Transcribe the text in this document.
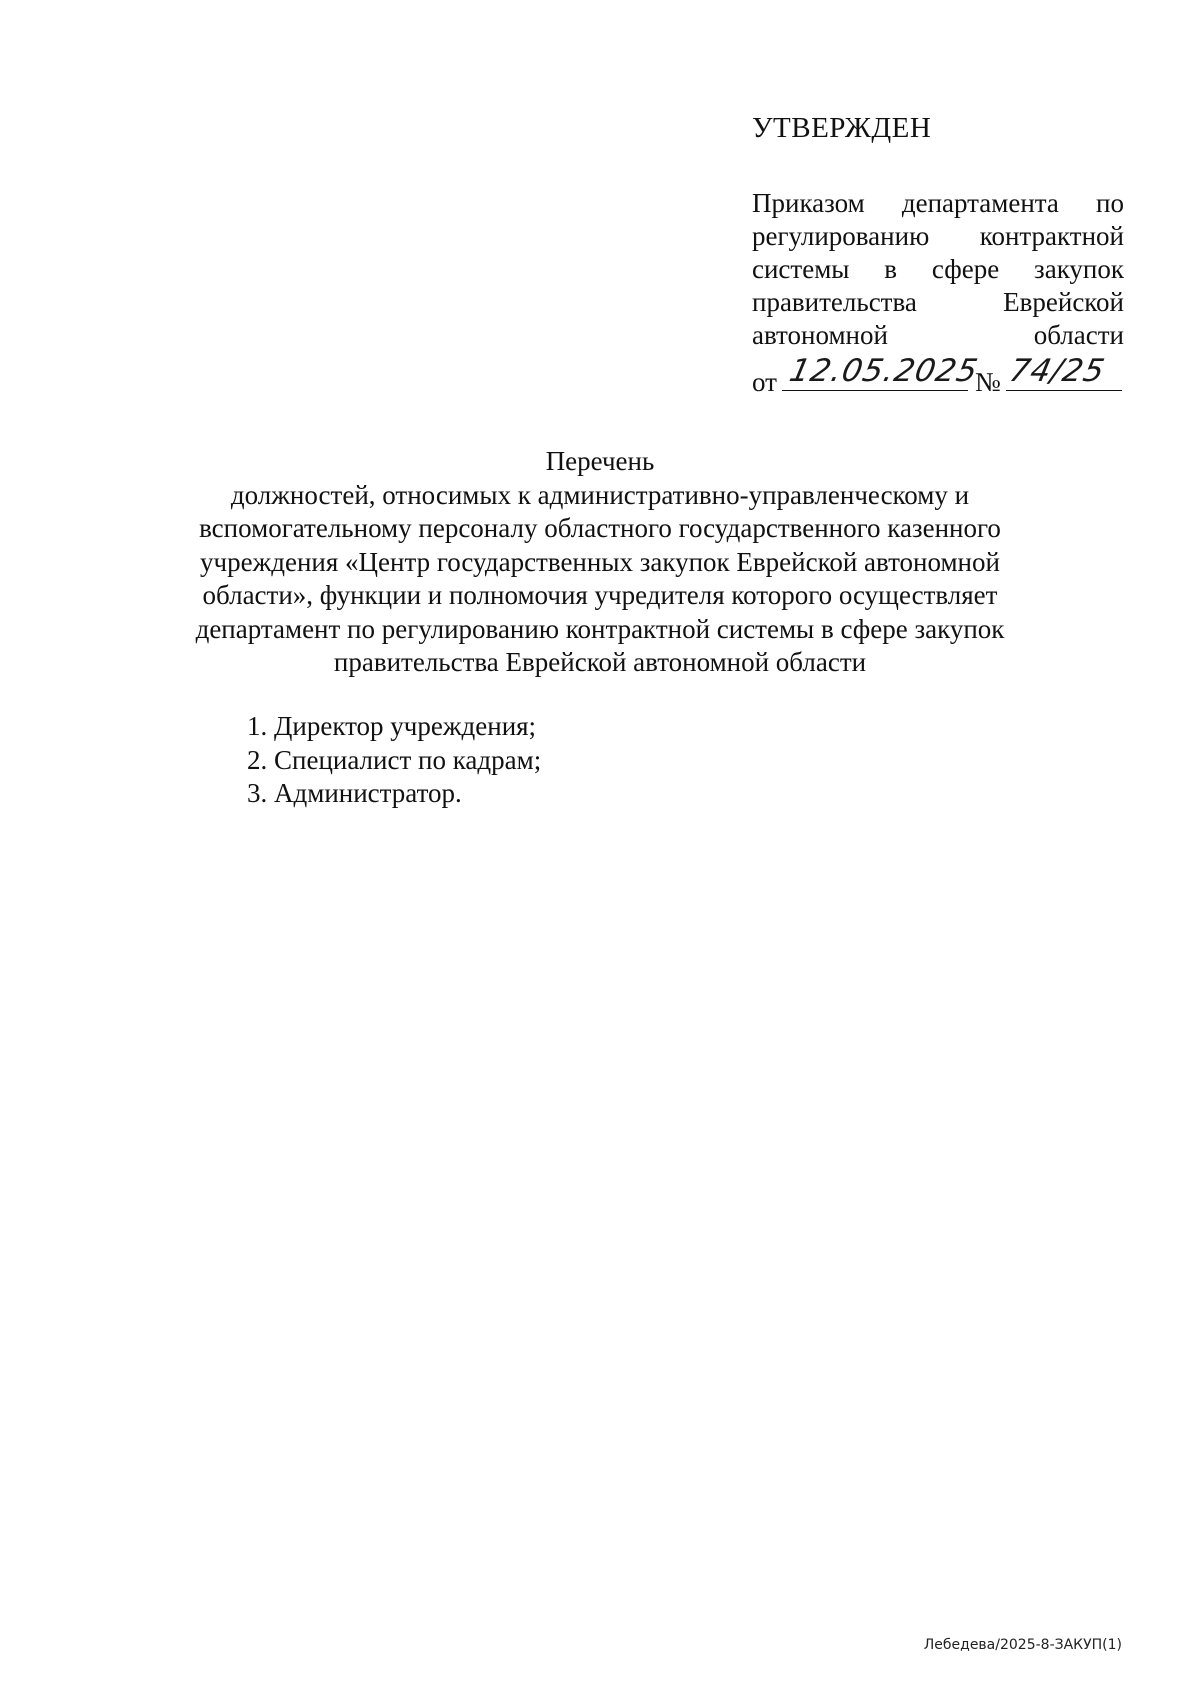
УТВЕРЖДЕН
Приказом департамента по
регулированию контрактной
системы в сфере закупок
правительства	Еврейской
автономной области
от 12.05.2025
№ 74/25

Перечень

должностей, относимых к административно-управленческому и

вспомогательному персоналу областного государственного казенного

учреждения «Центр государственных закупок Еврейской автономной

области», функции и полномочия учредителя которого осуществляет

департамент по регулированию контрактной системы в сфере закупок

правительства Еврейской автономной области

1. Директор учреждения;
2. Специалист по кадрам;
3. Администратор.
Лебедева/2025-8-ЗАКУП(1)
